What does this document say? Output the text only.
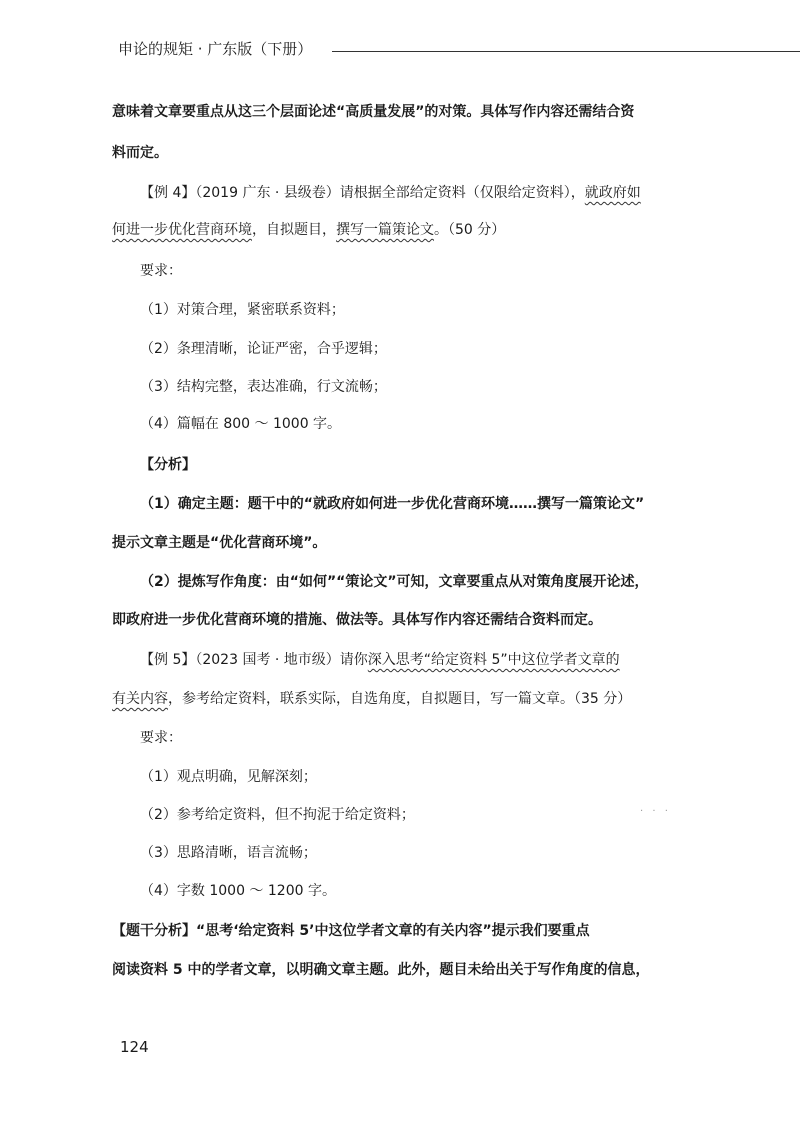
申论的规矩 · 广东版（下册）

意味着文章要重点从这三个层面论述“高质量发展”的对策。具体写作内容还需结合资

料而定。

【例 4】（2019 广东 · 县级卷）请根据全部给定资料（仅限给定资料），就政府如

何进一步优化营商环境，自拟题目，撰写一篇策论文。（50 分）

要求：

（1）对策合理，紧密联系资料；

（2）条理清晰，论证严密，合乎逻辑；

（3）结构完整，表达准确，行文流畅；

（4）篇幅在 800 ～ 1000 字。

【分析】

（1）确定主题：题干中的“就政府如何进一步优化营商环境……撰写一篇策论文”

提示文章主题是“优化营商环境”。

（2）提炼写作角度：由“如何”“策论文”可知，文章要重点从对策角度展开论述，

即政府进一步优化营商环境的措施、做法等。具体写作内容还需结合资料而定。

【例 5】（2023 国考 · 地市级）请你深入思考“给定资料 5”中这位学者文章的

有关内容，参考给定资料，联系实际，自选角度，自拟题目，写一篇文章。（35 分）

要求：

（1）观点明确，见解深刻；

（2）参考给定资料，但不拘泥于给定资料；

（3）思路清晰，语言流畅；

（4）字数 1000 ～ 1200 字。

· · ·

【题干分析】“思考‘给定资料 5’中这位学者文章的有关内容”提示我们要重点

阅读资料 5 中的学者文章，以明确文章主题。此外，题目未给出关于写作角度的信息，

124
